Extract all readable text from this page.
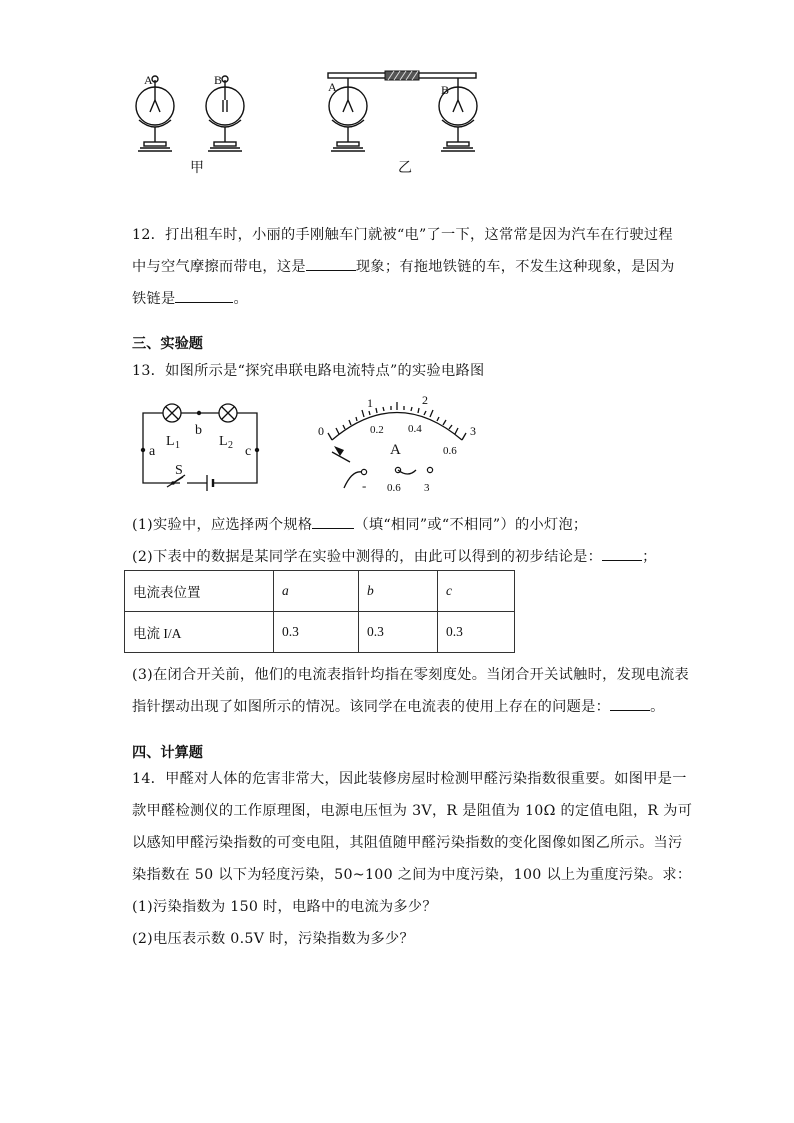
A	B	A	B
甲	乙
12．打出租车时，小丽的手刚触车门就被“电”了一下，这常常是因为汽车在行驶过程
中与空气摩擦而带电，这是	现象；有拖地铁链的车，不发生这种现象，是因为
铁链是	。
三、实验题
13．如图所示是“探究串联电路电流特点”的实验电路图
a
b
c
L 1	L 2
S
0
1	2
3
0.2 0.4
0.6
A
- 0.6 3
(1)实验中，应选择两个规格	（填“相同”或“不相同”）的小灯泡；
(2)下表中的数据是某同学在实验中测得的，由此可以得到的初步结论是：	；
电流表位置	a	b	c
电流 I/A	0.3	0.3	0.3
(3)在闭合开关前，他们的电流表指针均指在零刻度处。当闭合开关试触时，发现电流表
指针摆动出现了如图所示的情况。该同学在电流表的使用上存在的问题是：	。
四、计算题
14．甲醛对人体的危害非常大，因此装修房屋时检测甲醛污染指数很重要。如图甲是一
款甲醛检测仪的工作原理图，电源电压恒为 3V，R 是阻值为 10Ω 的定值电阻，R 为可
以感知甲醛污染指数的可变电阻，其阻值随甲醛污染指数的变化图像如图乙所示。当污
染指数在 50 以下为轻度污染，50~100 之间为中度污染，100 以上为重度污染。求：
(1)污染指数为 150 时，电路中的电流为多少？
(2)电压表示数 0.5V 时，污染指数为多少？
